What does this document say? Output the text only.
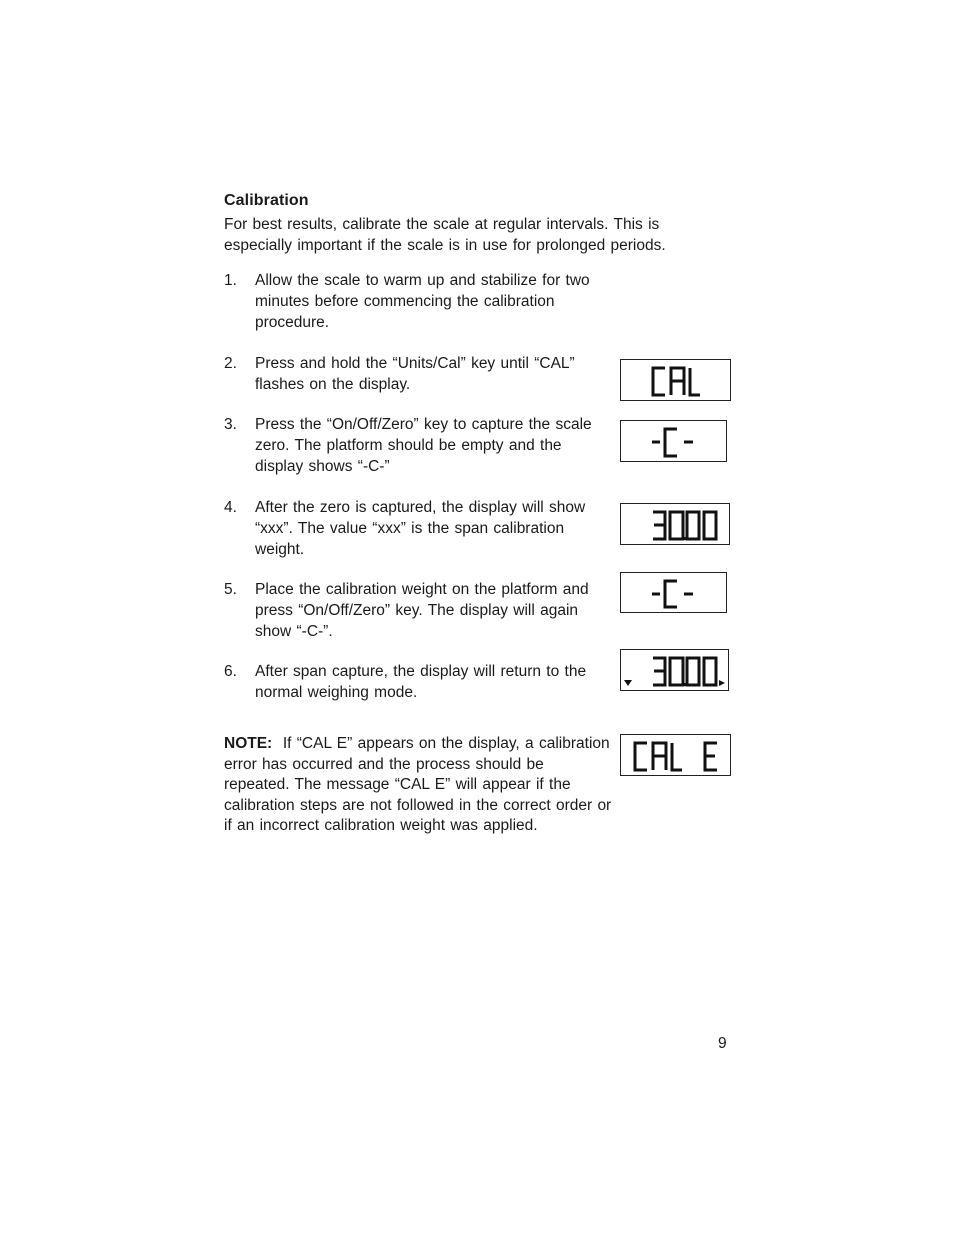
Calibration
For best results, calibrate the scale at regular intervals. This is especially important if the scale is in use for prolonged periods.
1. Allow the scale to warm up and stabilize for two minutes before commencing the calibration procedure.
2. Press and hold the “Units/Cal” key until “CAL” flashes on the display.
3. Press the “On/Off/Zero” key to capture the scale zero. The platform should be empty and the display shows “-C-”
4. After the zero is captured, the display will show “xxx”. The value “xxx” is the span calibration weight.
5. Place the calibration weight on the platform and press “On/Off/Zero” key. The display will again show “-C-”.
6. After span capture, the display will return to the normal weighing mode.
NOTE: If “CAL E” appears on the display, a calibration error has occurred and the process should be repeated. The message “CAL E” will appear if the calibration steps are not followed in the correct order or if an incorrect calibration weight was applied.
9
